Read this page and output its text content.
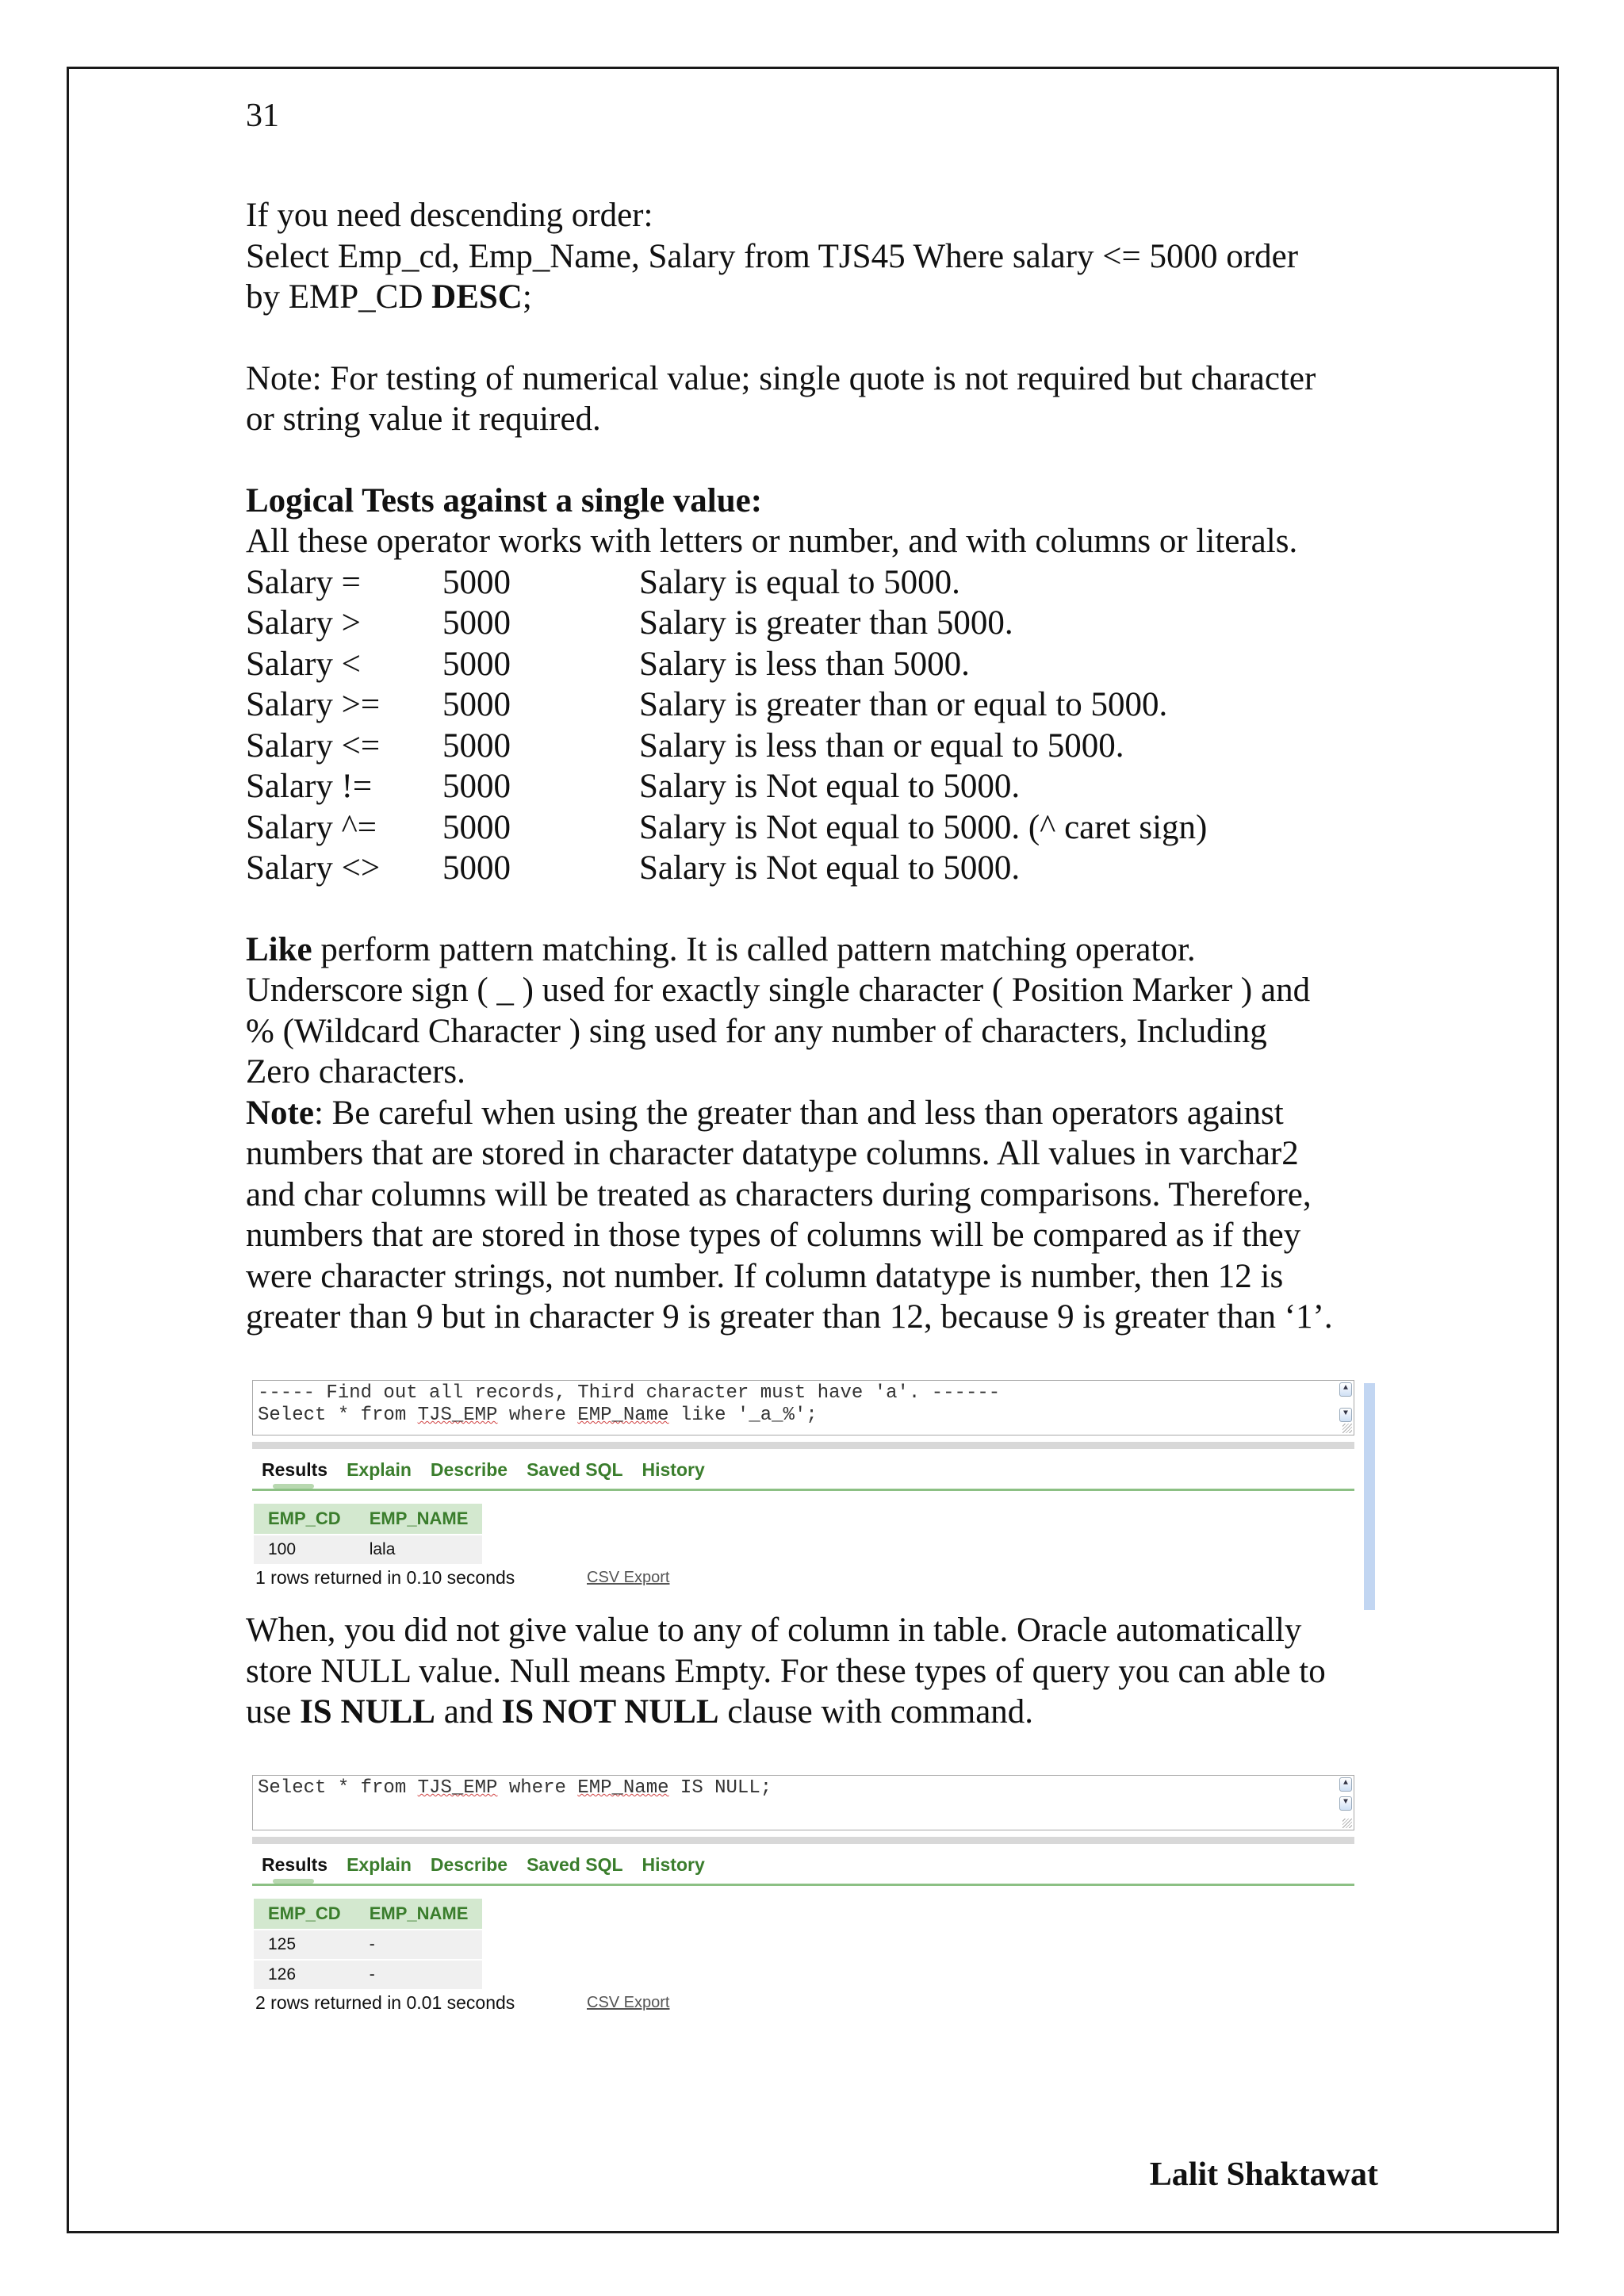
31

If you need descending order:

Select Emp_cd, Emp_Name, Salary from TJS45 Where salary <= 5000 order

by EMP_CD DESC;

Note: For testing of numerical value; single quote is not required but character

or string value it required.

Logical Tests against a single value:

All these operator works with letters or number, and with columns or literals.

Salary =	5000	Salary is equal to 5000.
Salary >	5000	Salary is greater than 5000.
Salary <	5000	Salary is less than 5000.
Salary >=	5000	Salary is greater than or equal to 5000.
Salary <=	5000	Salary is less than or equal to 5000.
Salary !=	5000	Salary is Not equal to 5000.
Salary ^=	5000	Salary is Not equal to 5000. (^ caret sign)
Salary <>	5000	Salary is Not equal to 5000.

Like perform pattern matching. It is called pattern matching operator.

Underscore sign ( _ ) used for exactly single character ( Position Marker ) and

% (Wildcard Character ) sing used for any number of characters, Including

Zero characters.

Note: Be careful when using the greater than and less than operators against

numbers that are stored in character datatype columns. All values in varchar2

and char columns will be treated as characters during comparisons. Therefore,

numbers that are stored in those types of columns will be compared as if they

were character strings, not number. If column datatype is number, then 12 is

greater than 9 but in character 9 is greater than 12, because 9 is greater than ‘1’.

----- Find out all records, Third character must have 'a'. ------
Select * from TJS_EMP where EMP_Name like '_a_%';
▲
▼
Results Explain Describe Saved SQL History
EMP_CD	EMP_NAME
100	lala
1 rows returned in 0.10 seconds	CSV Export

When, you did not give value to any of column in table. Oracle automatically

store NULL value. Null means Empty. For these types of query you can able to

use IS NULL and IS NOT NULL clause with command.

Select * from TJS_EMP where EMP_Name IS NULL;	▲
▼
Results Explain Describe Saved SQL History
EMP_CD	EMP_NAME
125	-
126	-
2 rows returned in 0.01 seconds	CSV Export
Lalit Shaktawat
